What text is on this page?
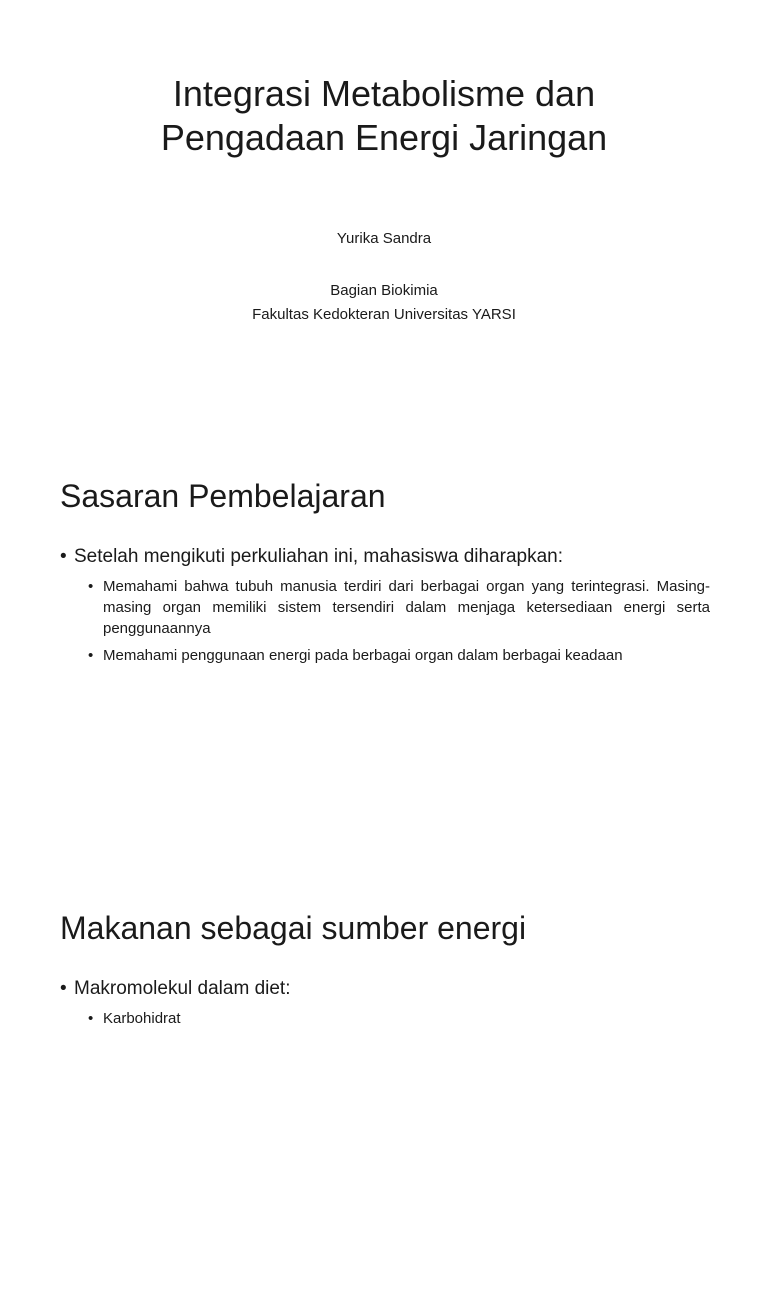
Integrasi Metabolisme dan
Pengadaan Energi Jaringan
Yurika Sandra
Bagian Biokimia
Fakultas Kedokteran Universitas YARSI
Sasaran Pembelajaran
• Setelah mengikuti perkuliahan ini, mahasiswa diharapkan:
• Memahami bahwa tubuh manusia terdiri dari berbagai organ yang terintegrasi. Masing-masing organ memiliki sistem tersendiri dalam menjaga ketersediaan energi serta penggunaannya
• Memahami penggunaan energi pada berbagai organ dalam berbagai keadaan
Makanan sebagai sumber energi
• Makromolekul dalam diet:
• Karbohidrat
